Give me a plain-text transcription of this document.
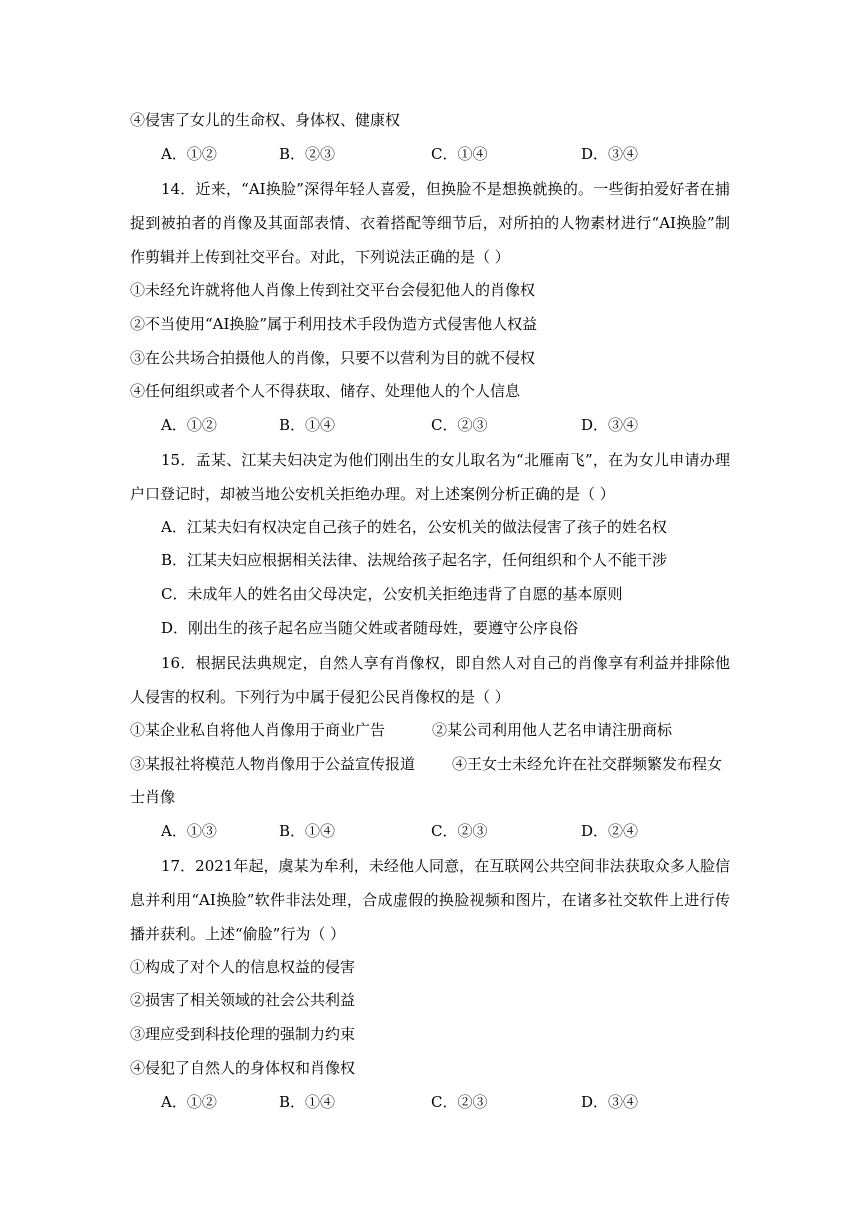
④侵害了女儿的生命权、身体权、健康权
A．①②	B．②③	C．①④	D．③④
14．近来，“AI换脸”深得年轻人喜爱，但换脸不是想换就换的。一些街拍爱好者在捕捉到被拍者的肖像及其面部表情、衣着搭配等细节后，对所拍的人物素材进行“AI换脸”制作剪辑并上传到社交平台。对此，下列说法正确的是（ ）
①未经允许就将他人肖像上传到社交平台会侵犯他人的肖像权
②不当使用“AI换脸”属于利用技术手段伪造方式侵害他人权益
③在公共场合拍摄他人的肖像，只要不以营利为目的就不侵权
④任何组织或者个人不得获取、储存、处理他人的个人信息
A．①②	B．①④	C．②③	D．③④
15．孟某、江某夫妇决定为他们刚出生的女儿取名为“北雁南飞”，在为女儿申请办理户口登记时，却被当地公安机关拒绝办理。对上述案例分析正确的是（ ）
A．江某夫妇有权决定自己孩子的姓名，公安机关的做法侵害了孩子的姓名权
B．江某夫妇应根据相关法律、法规给孩子起名字，任何组织和个人不能干涉
C．未成年人的姓名由父母决定，公安机关拒绝违背了自愿的基本原则
D．刚出生的孩子起名应当随父姓或者随母姓，要遵守公序良俗
16．根据民法典规定，自然人享有肖像权，即自然人对自己的肖像享有利益并排除他人侵害的权利。下列行为中属于侵犯公民肖像权的是（ ）
①某企业私自将他人肖像用于商业广告	②某公司利用他人艺名申请注册商标
③某报社将模范人物肖像用于公益宣传报道 ④王女士未经允许在社交群频繁发布程女
士肖像
A．①③	B．①④	C．②③	D．②④
17．2021年起，虞某为牟利，未经他人同意，在互联网公共空间非法获取众多人脸信息并利用“AI换脸”软件非法处理，合成虚假的换脸视频和图片，在诸多社交软件上进行传播并获利。上述“偷脸”行为（ ）
①构成了对个人的信息权益的侵害
②损害了相关领域的社会公共利益
③理应受到科技伦理的强制力约束
④侵犯了自然人的身体权和肖像权
A．①②	B．①④	C．②③	D．③④
